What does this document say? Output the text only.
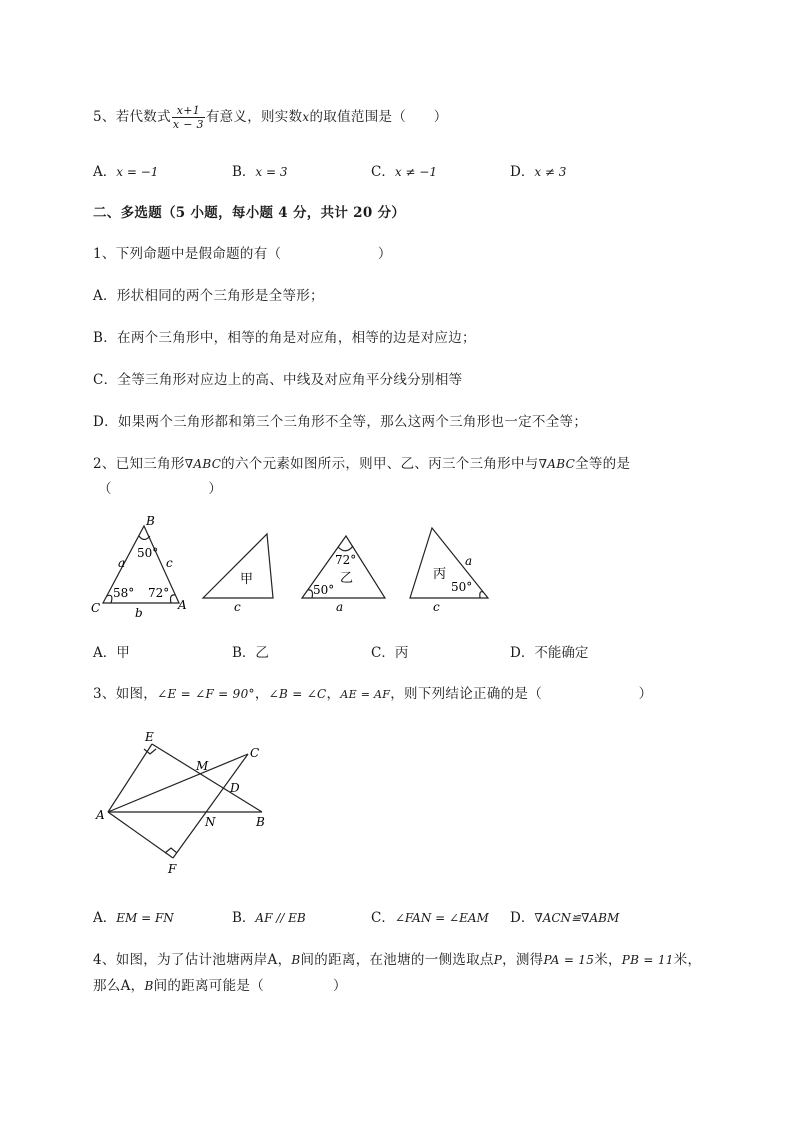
5、若代数式 $\frac{x+1}{x - 3}$ 有意义，则实数x的取值范围是（　　）
A．x = −1	B．x = 3	C．x ≠ −1	D．x ≠ 3
二、多选题（5 小题，每小题 4 分，共计 20 分）
1、下列命题中是假命题的有（　　　　　　　）
A．形状相同的两个三角形是全等形；
B．在两个三角形中，相等的角是对应角，相等的边是对应边；
C．全等三角形对应边上的高、中线及对应角平分线分别相等
D．如果两个三角形都和第三个三角形不全等，那么这两个三角形也一定不全等；
2、已知三角形∇ABC的六个元素如图所示，则甲、乙、丙三个三角形中与∇ABC全等的是
（　　　　　　　）
B
C	A
a
b
c
50°
58° 72°
甲
c
72°
乙
50°
a
丙
a
50°
c
A．甲	B．乙	C．丙	D．不能确定
3、如图，∠E = ∠F = 90°，∠B = ∠C，AE = AF，则下列结论正确的是（　　　　　　　）
E
C
M
D
A	N	B
F
A．EM = FN	B．AF // EB	C．∠FAN = ∠EAM D．∇ACN≌∇ABM
4、如图，为了估计池塘两岸A，B间的距离，在池塘的一侧选取点P，测得PA = 15米，PB = 11米，
那么A，B间的距离可能是（　　　　　）
